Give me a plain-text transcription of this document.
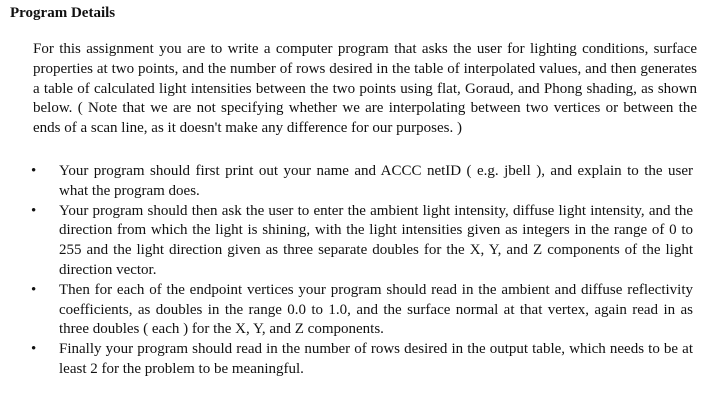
Program Details

For this assignment you are to write a computer program that asks the user for lighting conditions, surface properties at two points, and the number of rows desired in the table of interpolated values, and then generates a table of calculated light intensities between the two points using flat, Goraud, and Phong shading, as shown below. ( Note that we are not specifying whether we are interpolating between two vertices or between the ends of a scan line, as it doesn't make any difference for our purposes. )

• Your program should first print out your name and ACCC netID ( e.g. jbell ), and explain to the user what the program does.
• Your program should then ask the user to enter the ambient light intensity, diffuse light intensity, and the direction from which the light is shining, with the light intensities given as integers in the range of 0 to 255 and the light direction given as three separate doubles for the X, Y, and Z components of the light direction vector.
• Then for each of the endpoint vertices your program should read in the ambient and diffuse reflectivity coefficients, as doubles in the range 0.0 to 1.0, and the surface normal at that vertex, again read in as three doubles ( each ) for the X, Y, and Z components.
• Finally your program should read in the number of rows desired in the output table, which needs to be at least 2 for the problem to be meaningful.
